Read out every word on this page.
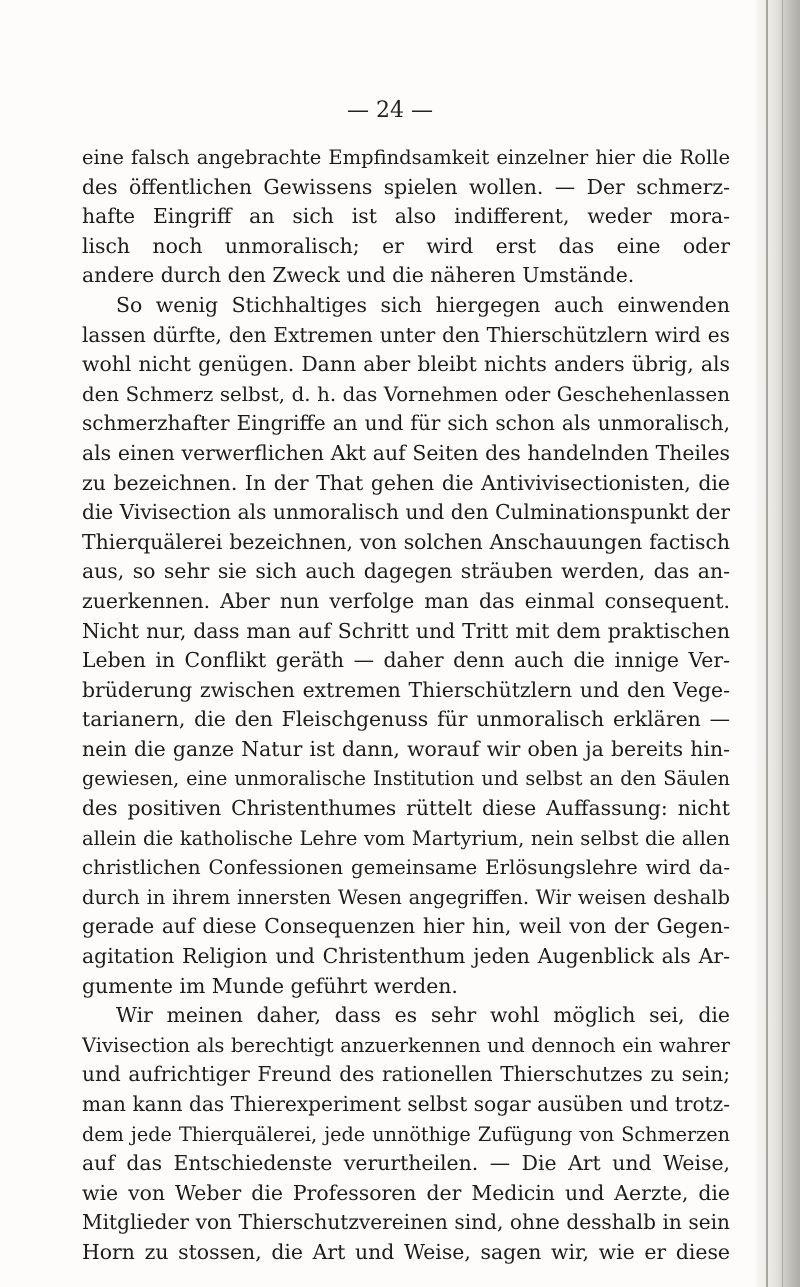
— 24 —
eine falsch angebrachte Empfindsamkeit einzelner hier die Rolle
des öffentlichen Gewissens spielen wollen. — Der schmerz-
hafte Eingriff an sich ist also indifferent, weder mora-
lisch noch unmoralisch; er wird erst das eine oder
andere durch den Zweck und die näheren Umstände.
So wenig Stichhaltiges sich hiergegen auch einwenden
lassen dürfte, den Extremen unter den Thierschützlern wird es
wohl nicht genügen. Dann aber bleibt nichts anders übrig, als
den Schmerz selbst, d. h. das Vornehmen oder Geschehenlassen
schmerzhafter Eingriffe an und für sich schon als unmoralisch,
als einen verwerflichen Akt auf Seiten des handelnden Theiles
zu bezeichnen. In der That gehen die Antivivisectionisten, die
die Vivisection als unmoralisch und den Culminationspunkt der
Thierquälerei bezeichnen, von solchen Anschauungen factisch
aus, so sehr sie sich auch dagegen sträuben werden, das an-
zuerkennen. Aber nun verfolge man das einmal consequent.
Nicht nur, dass man auf Schritt und Tritt mit dem praktischen
Leben in Conflikt geräth — daher denn auch die innige Ver-
brüderung zwischen extremen Thierschützlern und den Vege-
tarianern, die den Fleischgenuss für unmoralisch erklären —
nein die ganze Natur ist dann, worauf wir oben ja bereits hin-
gewiesen, eine unmoralische Institution und selbst an den Säulen
des positiven Christenthumes rüttelt diese Auffassung: nicht
allein die katholische Lehre vom Martyrium, nein selbst die allen
christlichen Confessionen gemeinsame Erlösungslehre wird da-
durch in ihrem innersten Wesen angegriffen. Wir weisen deshalb
gerade auf diese Consequenzen hier hin, weil von der Gegen-
agitation Religion und Christenthum jeden Augenblick als Ar-
gumente im Munde geführt werden.
Wir meinen daher, dass es sehr wohl möglich sei, die
Vivisection als berechtigt anzuerkennen und dennoch ein wahrer
und aufrichtiger Freund des rationellen Thierschutzes zu sein;
man kann das Thierexperiment selbst sogar ausüben und trotz-
dem jede Thierquälerei, jede unnöthige Zufügung von Schmerzen
auf das Entschiedenste verurtheilen. — Die Art und Weise,
wie von Weber die Professoren der Medicin und Aerzte, die
Mitglieder von Thierschutzvereinen sind, ohne desshalb in sein
Horn zu stossen, die Art und Weise, sagen wir, wie er diese
